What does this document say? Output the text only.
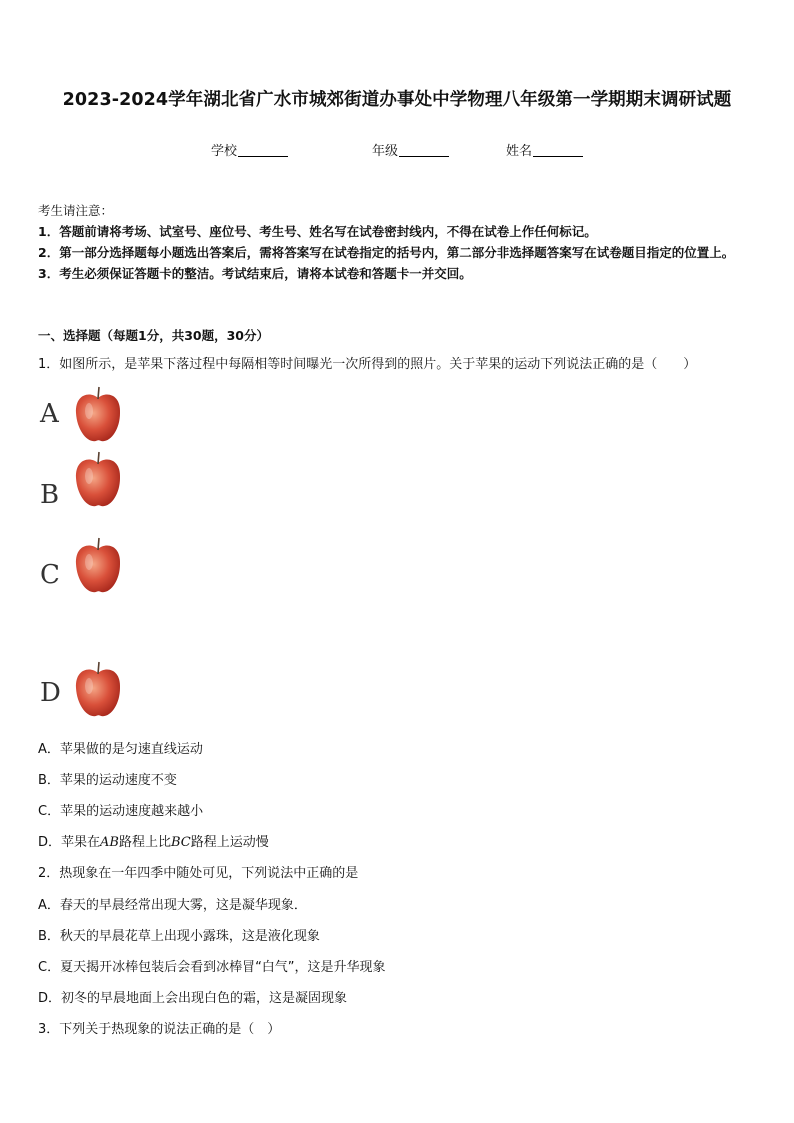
2023-2024学年湖北省广水市城郊街道办事处中学物理八年级第一学期期末调研试题
学校	年级	姓名

考生请注意：

1．答题前请将考场、试室号、座位号、考生号、姓名写在试卷密封线内，不得在试卷上作任何标记。

2．第一部分选择题每小题选出答案后，需将答案写在试卷指定的括号内，第二部分非选择题答案写在试卷题目指定的位置上。

3．考生必须保证答题卡的整洁。考试结束后，请将本试卷和答题卡一并交回。

一、选择题（每题1分，共30题，30分）
1．如图所示，是苹果下落过程中每隔相等时间曝光一次所得到的照片。关于苹果的运动下列说法正确的是（　　）
A
B
C
D
A．苹果做的是匀速直线运动
B．苹果的运动速度不变
C．苹果的运动速度越来越小
D．苹果在AB路程上比BC路程上运动慢
2．热现象在一年四季中随处可见，下列说法中正确的是
A．春天的早晨经常出现大雾，这是凝华现象．
B．秋天的早晨花草上出现小露珠，这是液化现象
C．夏天揭开冰棒包装后会看到冰棒冒“白气”，这是升华现象
D．初冬的早晨地面上会出现白色的霜，这是凝固现象
3．下列关于热现象的说法正确的是（　）
